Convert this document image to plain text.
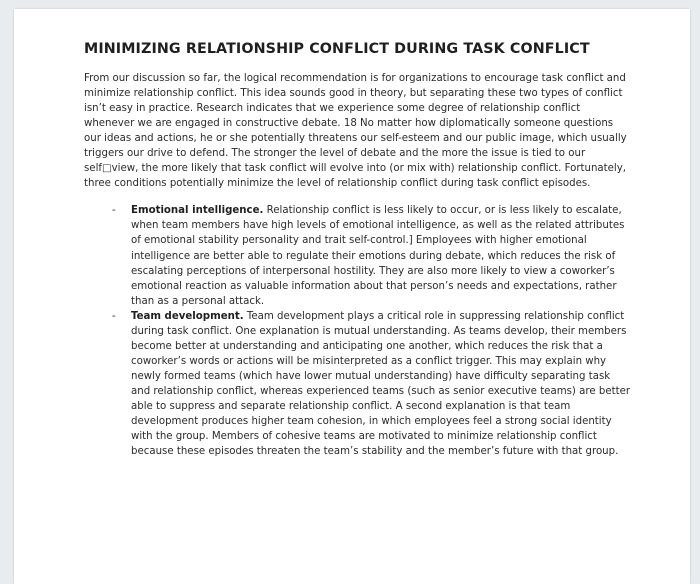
MINIMIZING RELATIONSHIP CONFLICT DURING TASK CONFLICT

From our discussion so far, the logical recommendation is for organizations to encourage task conflict and minimize relationship conflict. This idea sounds good in theory, but separating these two types of conflict isn’t easy in practice. Research indicates that we experience some degree of relationship conflict whenever we are engaged in constructive debate. 18 No matter how diplomatically someone questions our ideas and actions, he or she potentially threatens our self-esteem and our public image, which usually triggers our drive to defend. The stronger the level of debate and the more the issue is tied to our self□view, the more likely that task conflict will evolve into (or mix with) relationship conflict. Fortunately, three conditions potentially minimize the level of relationship conflict during task conflict episodes.

- Emotional intelligence. Relationship conflict is less likely to occur, or is less likely to escalate, when team members have high levels of emotional intelligence, as well as the related attributes of emotional stability personality and trait self-control.] Employees with higher emotional intelligence are better able to regulate their emotions during debate, which reduces the risk of escalating perceptions of interpersonal hostility. They are also more likely to view a coworker’s emotional reaction as valuable information about that person’s needs and expectations, rather than as a personal attack.
- Team development. Team development plays a critical role in suppressing relationship conflict during task conflict. One explanation is mutual understanding. As teams develop, their members become better at understanding and anticipating one another, which reduces the risk that a coworker’s words or actions will be misinterpreted as a conflict trigger. This may explain why newly formed teams (which have lower mutual understanding) have difficulty separating task and relationship conflict, whereas experienced teams (such as senior executive teams) are better able to suppress and separate relationship conflict. A second explanation is that team development produces higher team cohesion, in which employees feel a strong social identity with the group. Members of cohesive teams are motivated to minimize relationship conflict because these episodes threaten the team’s stability and the member’s future with that group.
